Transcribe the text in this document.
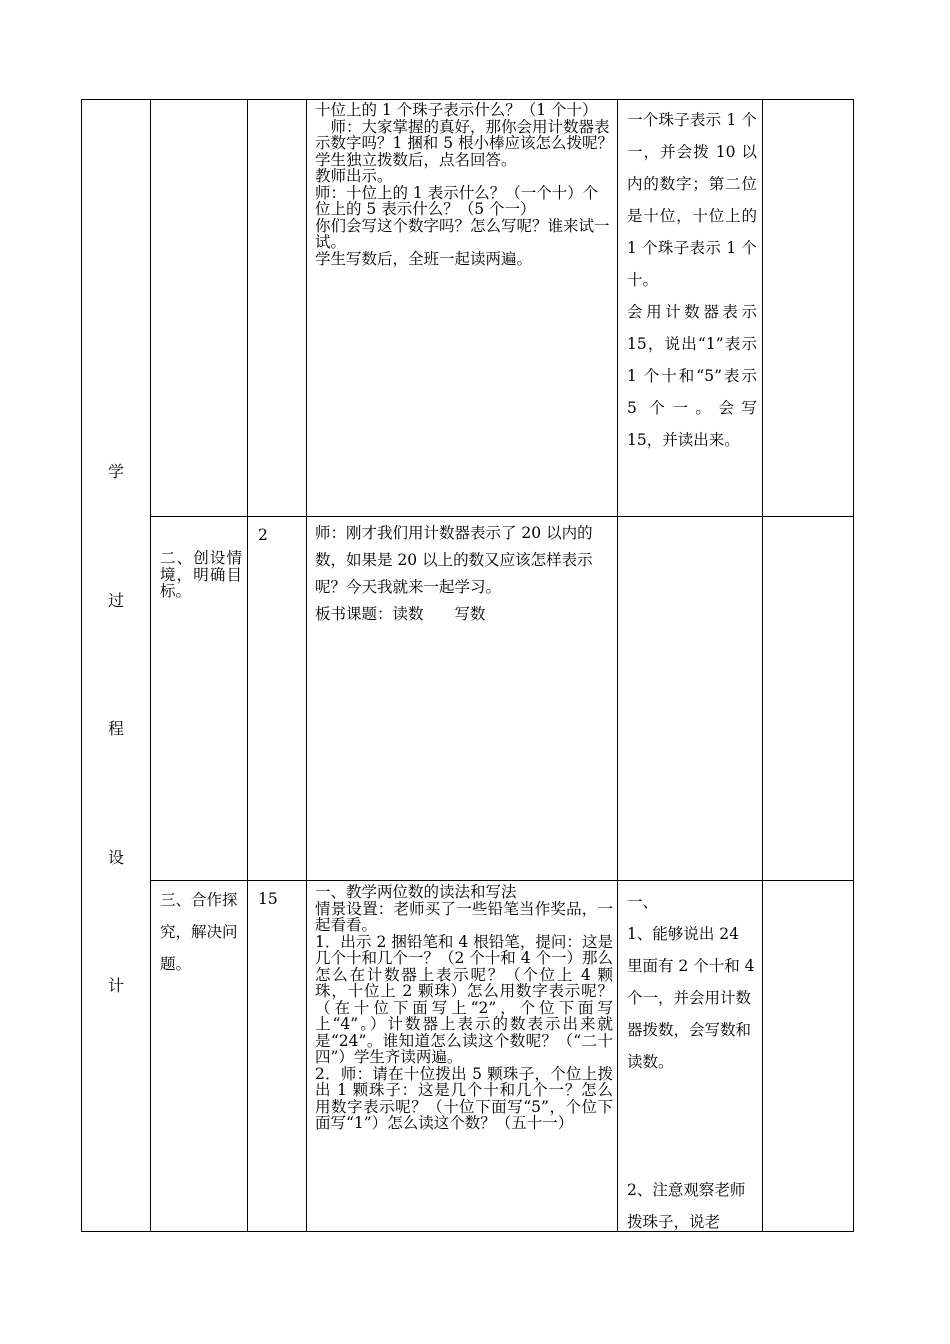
学
过
程
设
计

十位上的 1 个珠子表示什么？（1 个十）

　师：大家掌握的真好，那你会用计数器表示数字吗？1 捆和 5 根小棒应该怎么拨呢？

学生独立拨数后，点名回答。

教师出示。

师：十位上的 1 表示什么？（一个十）个位上的 5 表示什么？（5 个一）

你们会写这个数字吗？怎么写呢？谁来试一试。

学生写数后，全班一起读两遍。

一个珠子表示 1 个一，并会拨 10 以内的数字；第二位是十位，十位上的 1 个珠子表示 1 个十。

会用计数器表示 15，说出“1”表示 1 个十和“5”表示 5 个一。会写 15，并读出来。

二、创设情境，明确目标。
2	师：刚才我们用计数器表示了 20 以内的数，如果是 20 以上的数又应该怎样表示呢？今天我就来一起学习。

板书课题：读数　　写数

三、合作探究，解决问题。
15	一、教学两位数的读法和写法

情景设置：老师买了一些铅笔当作奖品，一起看看。

1．出示 2 捆铅笔和 4 根铅笔，提问：这是几个十和几个一？（2 个十和 4 个一）那么怎么在计数器上表示呢？（个位上 4 颗珠，十位上 2 颗珠）怎么用数字表示呢？（在十位下面写上“2”，个位下面写上“4”。）计数器上表示的数表示出来就是“24”。谁知道怎么读这个数呢？（“二十四”）学生齐读两遍。

2．师：请在十位拨出 5 颗珠子，个位上拨出 1 颗珠子：这是几个十和几个一？怎么用数字表示呢？（十位下面写“5”，个位下面写“1”）怎么读这个数？（五十一）

一、

1、能够说出 24 里面有 2 个十和 4 个一，并会用计数器拨数，会写数和读数。

2、注意观察老师拨珠子，说老
